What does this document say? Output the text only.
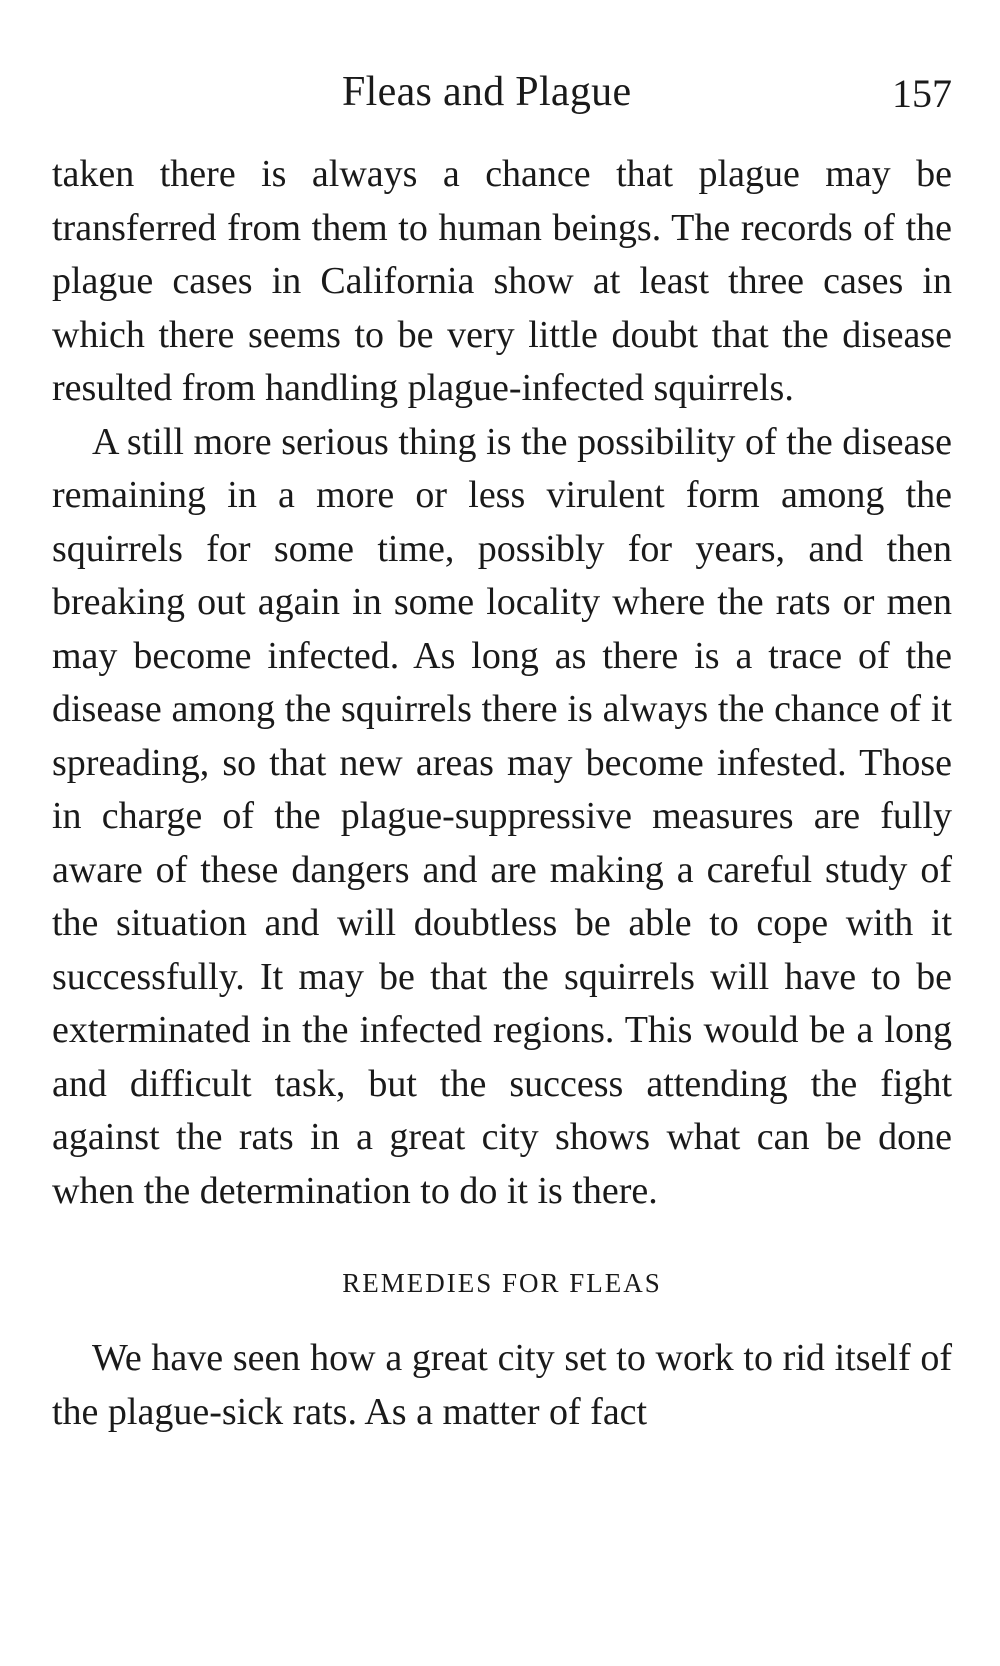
Fleas and Plague	157

taken there is always a chance that plague may be transferred from them to human beings. The records of the plague cases in California show at least three cases in which there seems to be very little doubt that the disease resulted from handling plague-infected squirrels.

A still more serious thing is the possibility of the disease remaining in a more or less virulent form among the squirrels for some time, possibly for years, and then breaking out again in some locality where the rats or men may become infected. As long as there is a trace of the disease among the squirrels there is always the chance of it spreading, so that new areas may become infested. Those in charge of the plague-suppressive measures are fully aware of these dangers and are making a careful study of the situation and will doubtless be able to cope with it successfully. It may be that the squirrels will have to be exterminated in the infected regions. This would be a long and difficult task, but the success attending the fight against the rats in a great city shows what can be done when the determination to do it is there.

REMEDIES FOR FLEAS

We have seen how a great city set to work to rid itself of the plague-sick rats. As a matter of fact
